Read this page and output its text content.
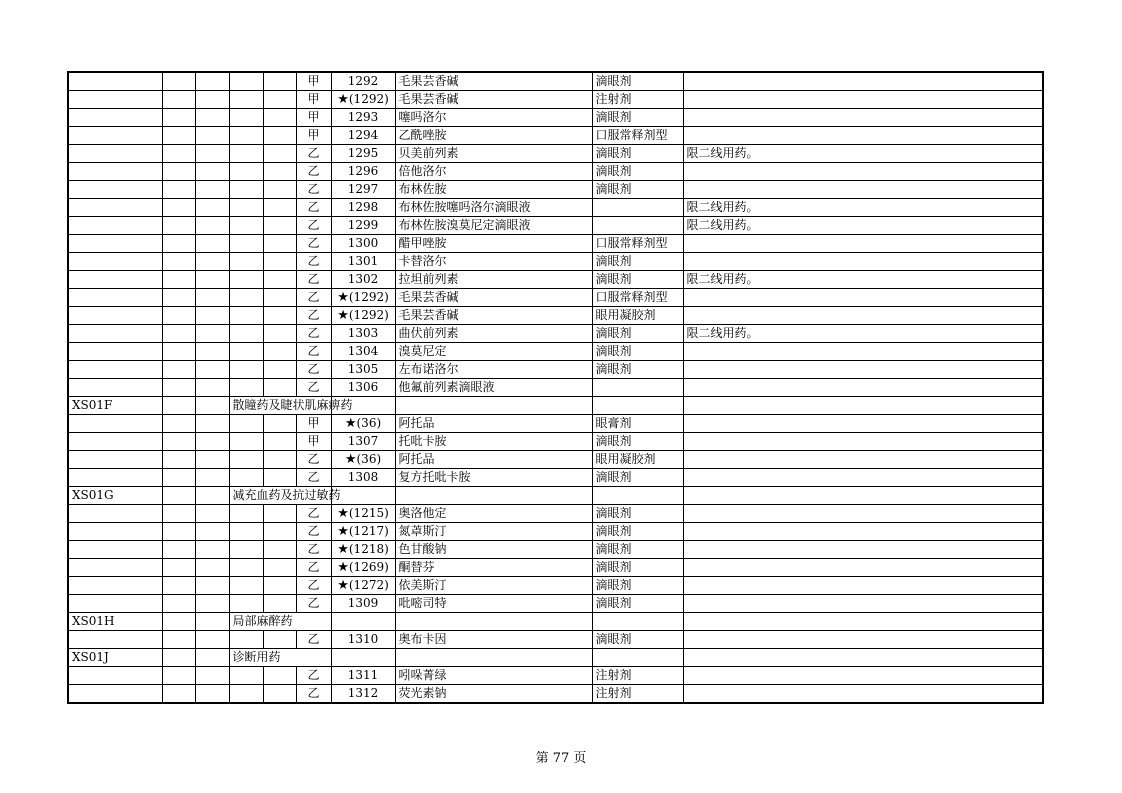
					甲	1292	毛果芸香碱	滴眼剂	
					甲	★(1292)	毛果芸香碱	注射剂	
					甲	1293	噻吗洛尔	滴眼剂	
					甲	1294	乙酰唑胺	口服常释剂型	
					乙	1295	贝美前列素	滴眼剂	限二线用药。
					乙	1296	倍他洛尔	滴眼剂	
					乙	1297	布林佐胺	滴眼剂	
					乙	1298	布林佐胺噻吗洛尔滴眼液		限二线用药。
					乙	1299	布林佐胺溴莫尼定滴眼液		限二线用药。
					乙	1300	醋甲唑胺	口服常释剂型	
					乙	1301	卡替洛尔	滴眼剂	
					乙	1302	拉坦前列素	滴眼剂	限二线用药。
					乙	★(1292)	毛果芸香碱	口服常释剂型	
					乙	★(1292)	毛果芸香碱	眼用凝胶剂	
					乙	1303	曲伏前列素	滴眼剂	限二线用药。
					乙	1304	溴莫尼定	滴眼剂	
					乙	1305	左布诺洛尔	滴眼剂	
					乙	1306	他氟前列素滴眼液		
XS01F			散瞳药及睫状肌麻痹药						
					甲	★(36)	阿托品	眼膏剂	
					甲	1307	托吡卡胺	滴眼剂	
					乙	★(36)	阿托品	眼用凝胶剂	
					乙	1308	复方托吡卡胺	滴眼剂	
XS01G			减充血药及抗过敏药						
					乙	★(1215)	奥洛他定	滴眼剂	
					乙	★(1217)	氮䓬斯汀	滴眼剂	
					乙	★(1218)	色甘酸钠	滴眼剂	
					乙	★(1269)	酮替芬	滴眼剂	
					乙	★(1272)	依美斯汀	滴眼剂	
					乙	1309	吡嘧司特	滴眼剂	
XS01H			局部麻醉药						
					乙	1310	奥布卡因	滴眼剂	
XS01J			诊断用药						
					乙	1311	吲哚菁绿	注射剂	
					乙	1312	荧光素钠	注射剂	
第 77 页
